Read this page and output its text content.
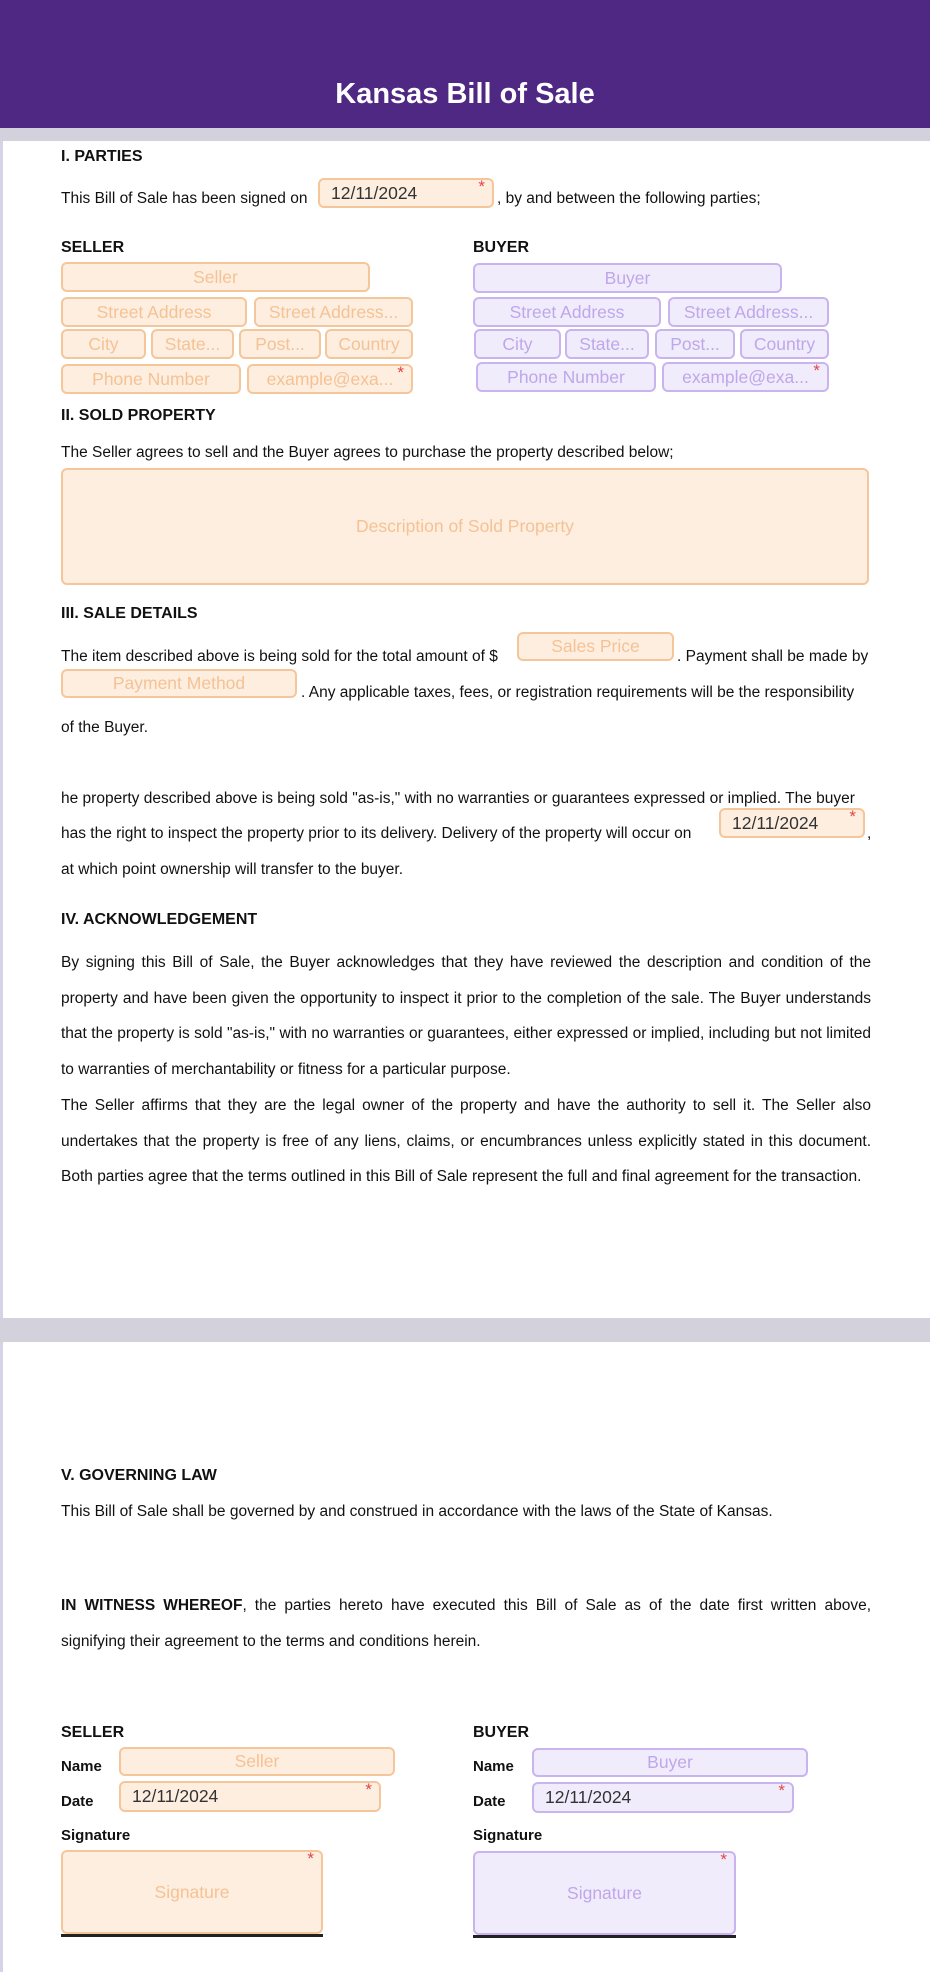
Kansas Bill of Sale
I. PARTIES
This Bill of Sale has been signed on 12/11/2024	*
, by and between the following parties;
SELLER	BUYER
Seller
Street Address	Street Address...
City	State... Post... Country
Phone Number	example@exa... *
Buyer
Street Address	Street Address...
City	State... Post... Country
Phone Number	example@exa... *
II. SOLD PROPERTY
The Seller agrees to sell and the Buyer agrees to purchase the property described below;
Description of Sold Property
III. SALE DETAILS
The item described above is being sold for the total amount of $
Sales Price
. Payment shall be made by
Payment Method	. Any applicable taxes, fees, or registration requirements will be the responsibility
of the Buyer.
he property described above is being sold "as-is," with no warranties or guarantees expressed or implied. The buyer
has the right to inspect the property prior to its delivery. Delivery of the property will occur on
12/11/2024 *
,
at which point ownership will transfer to the buyer.
IV. ACKNOWLEDGEMENT
By signing this Bill of Sale, the Buyer acknowledges that they have reviewed the description and condition of the property and have been given the opportunity to inspect it prior to the completion of the sale. The Buyer understands that the property is sold "as-is," with no warranties or guarantees, either expressed or implied, including but not limited to warranties of merchantability or fitness for a particular purpose.
The Seller affirms that they are the legal owner of the property and have the authority to sell it. The Seller also undertakes that the property is free of any liens, claims, or encumbrances unless explicitly stated in this document. Both parties agree that the terms outlined in this Bill of Sale represent the full and final agreement for the transaction.
V. GOVERNING LAW
This Bill of Sale shall be governed by and construed in accordance with the laws of the State of Kansas.
IN WITNESS WHEREOF, the parties hereto have executed this Bill of Sale as of the date first written above, signifying their agreement to the terms and conditions herein.
SELLER	BUYER
Name	Seller	Name	Buyer
Date 12/11/2024	*
Date 12/11/2024	*
Signature	Signature
Signature
*
Signature
*
